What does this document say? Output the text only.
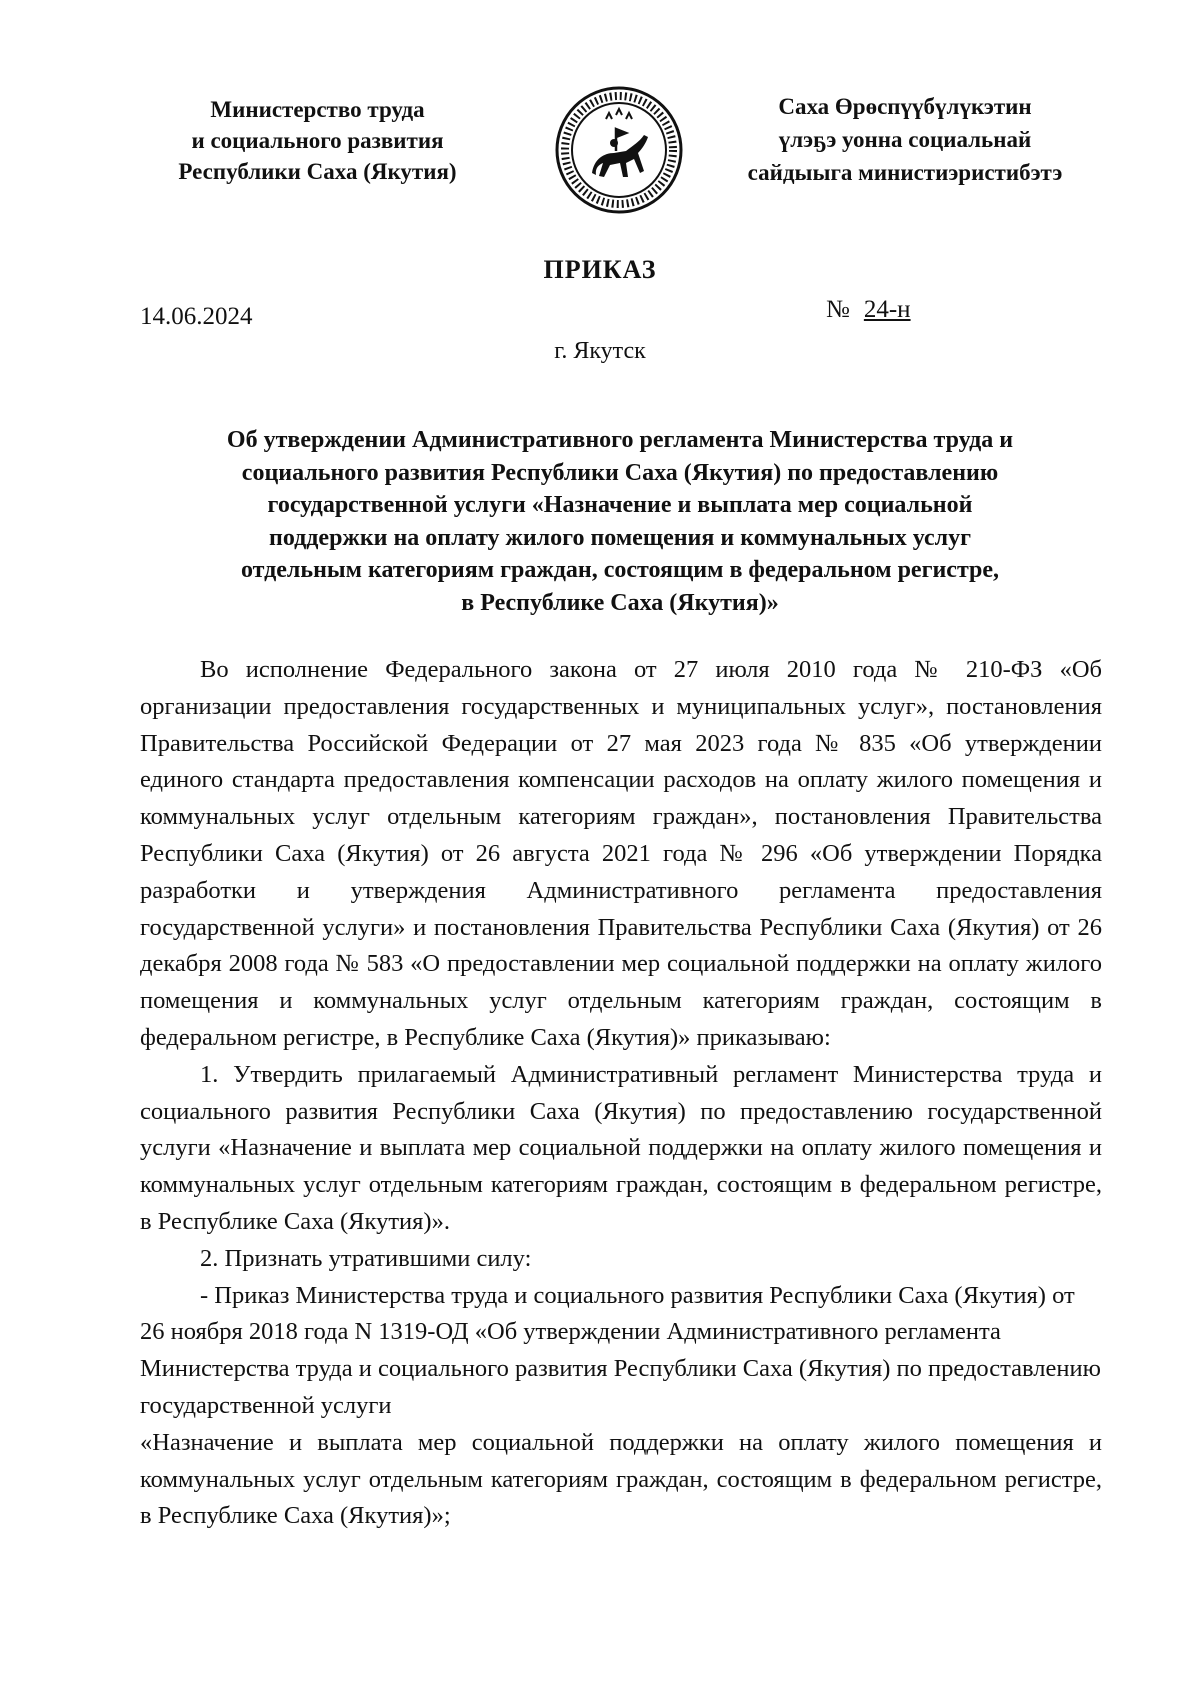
Министерство труда
и социального развития
Республики Саха (Якутия)
Саха Өрөспүүбүлүкэтин
үлэҕэ уонна социальнай
сайдыыга министиэристибэтэ
ПРИКАЗ
14.06.2024	№ 24-н
г. Якутск
Об утверждении Административного регламента Министерства труда и
социального развития Республики Саха (Якутия) по предоставлению
государственной услуги «Назначение и выплата мер социальной
поддержки на оплату жилого помещения и коммунальных услуг
отдельным категориям граждан, состоящим в федеральном регистре,
в Республике Саха (Якутия)»

Во исполнение Федерального закона от 27 июля 2010 года № 210-ФЗ «Об организации предоставления государственных и муниципальных услуг», постановления Правительства Российской Федерации от 27 мая 2023 года № 835 «Об утверждении единого стандарта предоставления компенсации расходов на оплату жилого помещения и коммунальных услуг отдельным категориям граждан», постановления Правительства Республики Саха (Якутия) от 26 августа 2021 года № 296 «Об утверждении Порядка разработки и утверждения Административного регламента предоставления государственной услуги» и постановления Правительства Республики Саха (Якутия) от 26 декабря 2008 года № 583 «О предоставлении мер социальной поддержки на оплату жилого помещения и коммунальных услуг отдельным категориям граждан, состоящим в федеральном регистре, в Республике Саха (Якутия)» приказываю:

1. Утвердить прилагаемый Административный регламент Министерства труда и социального развития Республики Саха (Якутия) по предоставлению государственной услуги «Назначение и выплата мер социальной поддержки на оплату жилого помещения и коммунальных услуг отдельным категориям граждан, состоящим в федеральном регистре, в Республике Саха (Якутия)».

2. Признать утратившими силу:

- Приказ Министерства труда и социального развития Республики Саха (Якутия) от 26 ноября 2018 года N 1319-ОД «Об утверждении Административного регламента Министерства труда и социального развития Республики Саха (Якутия) по предоставлению государственной услуги

«Назначение и выплата мер социальной поддержки на оплату жилого помещения и коммунальных услуг отдельным категориям граждан, состоящим в федеральном регистре, в Республике Саха (Якутия)»;
